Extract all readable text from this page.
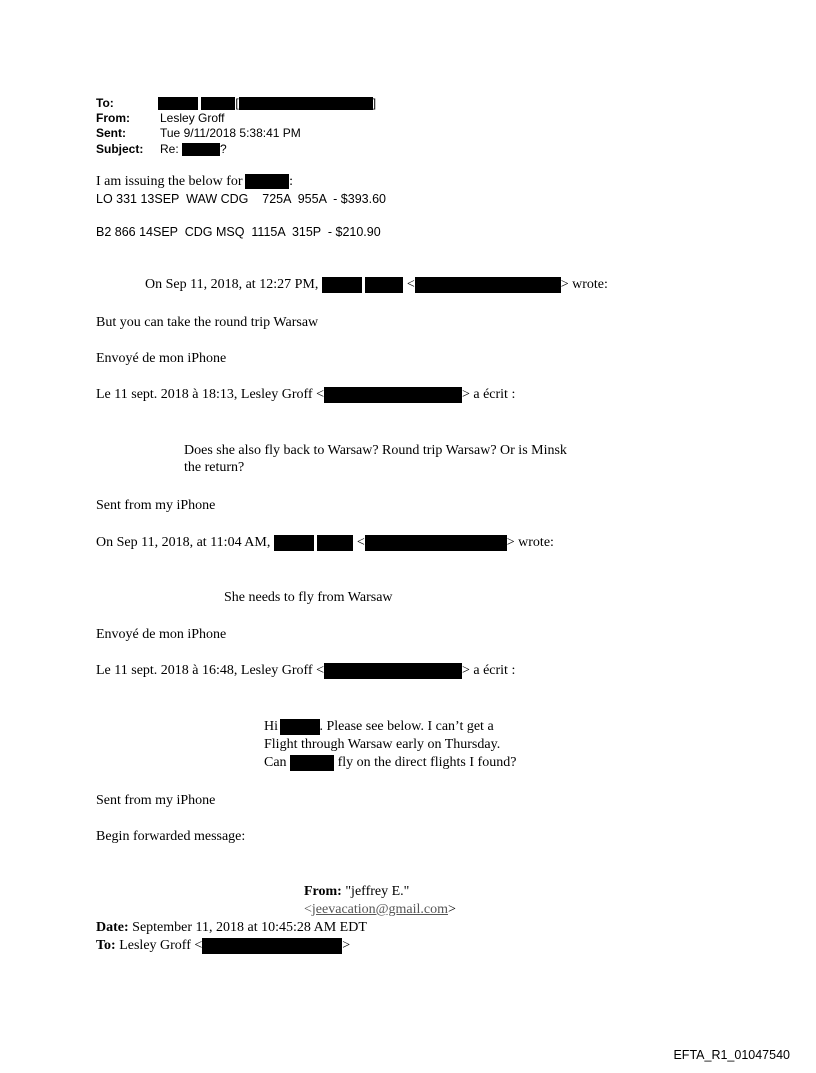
To:	[	]
From:	Lesley Groff
Sent:	Tue 9/11/2018 5:38:41 PM
Subject: Re:	?
I am issuing the below for	:
LO 331 13SEP  WAW CDG    725A  955A  - $393.60
B2 866 14SEP  CDG MSQ  1115A  315P  - $210.90
On Sep 11, 2018, at 12:27 PM,	<	> wrote:
But you can take the round trip Warsaw
Envoyé de mon iPhone
Le 11 sept. 2018 à 18:13, Lesley Groff <	> a écrit :
Does she also fly back to Warsaw? Round trip Warsaw? Or is Minsk
the return?
Sent from my iPhone
On Sep 11, 2018, at 11:04 AM,	<	> wrote:
She needs to fly from Warsaw
Envoyé de mon iPhone
Le 11 sept. 2018 à 16:48, Lesley Groff <	> a écrit :
Hi	. Please see below. I can’t get a
Flight through Warsaw early on Thursday.
Can	fly on the direct flights I found?
Sent from my iPhone
Begin forwarded message:
From: "jeffrey E."
<jeevacation@gmail.com>
Date: September 11, 2018 at 10:45:28 AM EDT
To: Lesley Groff <	>
EFTA_R1_01047540
